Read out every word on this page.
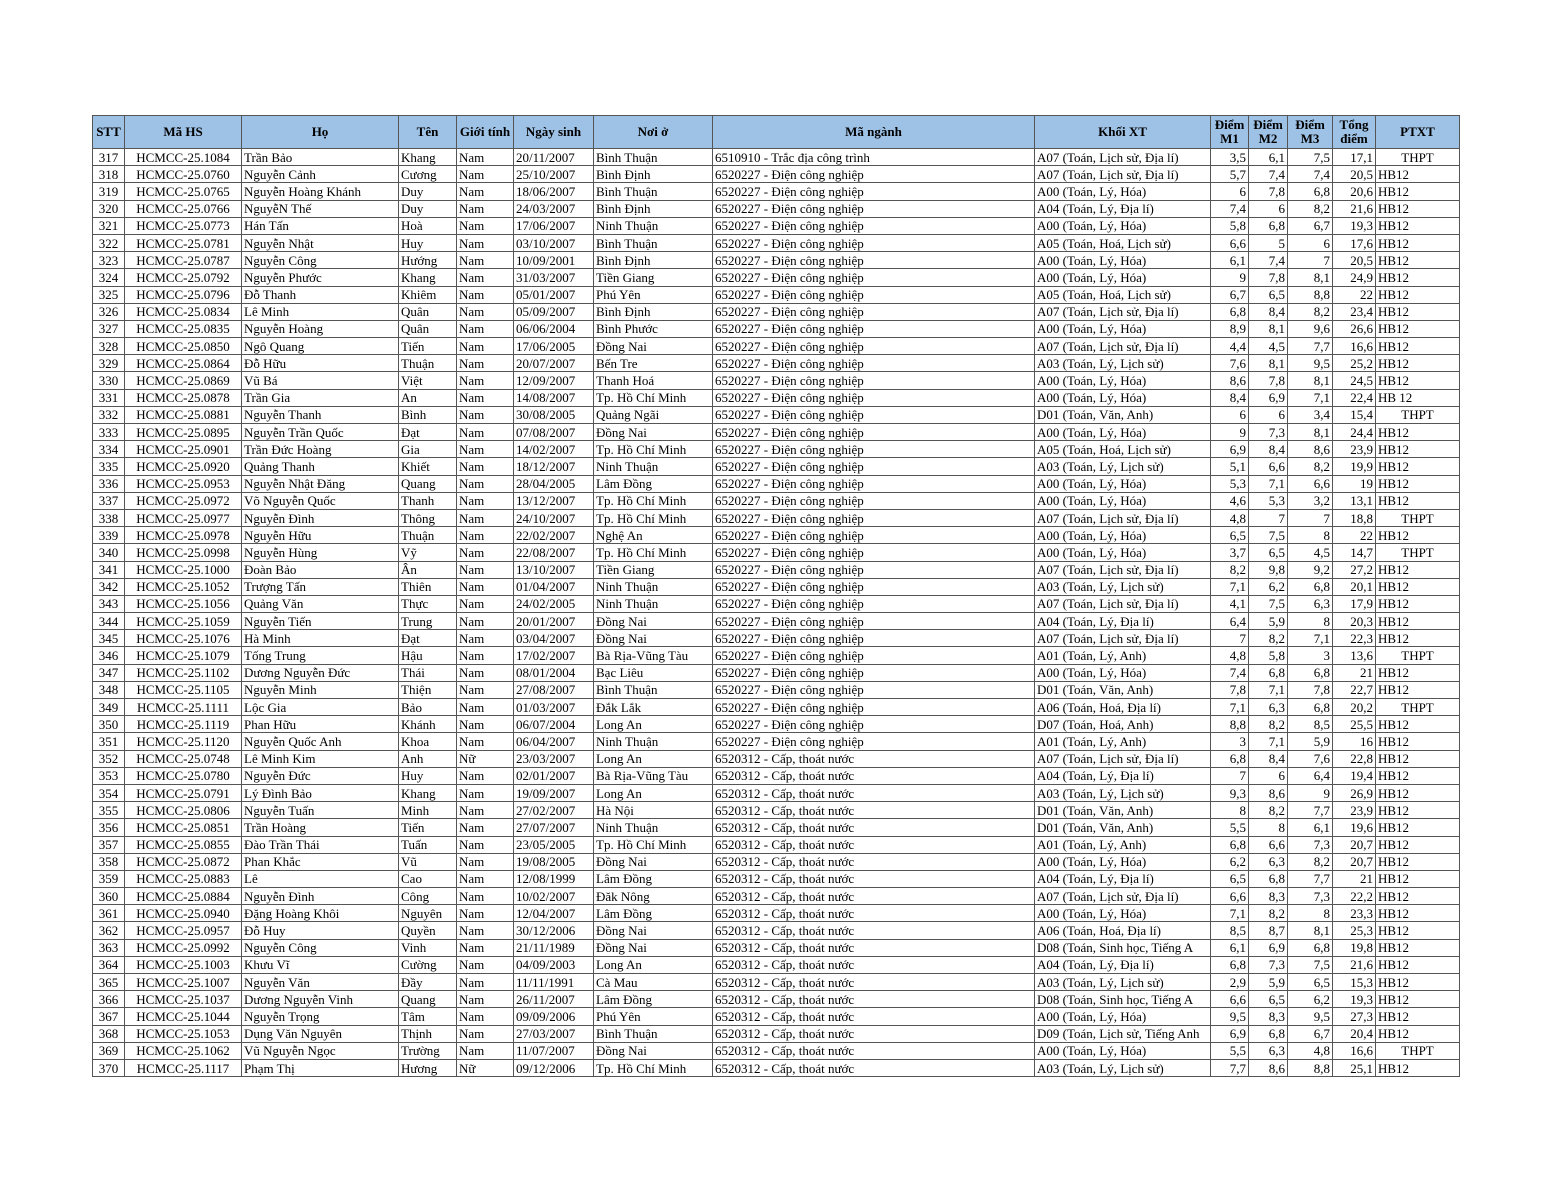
STT	Mã HS	Họ	Tên	Giới tính	Ngày sinh	Nơi ở	Mã ngành	Khối XT	Điểm M1	Điểm M2	Điểm M3	Tổng điểm	PTXT
317	HCMCC-25.1084	Trần Bảo	Khang	Nam	20/11/2007	Bình Thuận	6510910 - Trắc địa công trình	A07 (Toán, Lịch sử, Địa lí)	3,5	6,1	7,5	17,1	THPT
318	HCMCC-25.0760	Nguyễn Cảnh	Cương	Nam	25/10/2007	Bình Định	6520227 - Điện công nghiệp	A07 (Toán, Lịch sử, Địa lí)	5,7	7,4	7,4	20,5	HB12
319	HCMCC-25.0765	Nguyễn Hoàng Khánh	Duy	Nam	18/06/2007	Bình Thuận	6520227 - Điện công nghiệp	A00 (Toán, Lý, Hóa)	6	7,8	6,8	20,6	HB12
320	HCMCC-25.0766	NguyễN Thế	Duy	Nam	24/03/2007	Bình Định	6520227 - Điện công nghiệp	A04 (Toán, Lý, Địa lí)	7,4	6	8,2	21,6	HB12
321	HCMCC-25.0773	Hán Tấn	Hoà	Nam	17/06/2007	Ninh Thuận	6520227 - Điện công nghiệp	A00 (Toán, Lý, Hóa)	5,8	6,8	6,7	19,3	HB12
322	HCMCC-25.0781	Nguyễn Nhật	Huy	Nam	03/10/2007	Bình Thuận	6520227 - Điện công nghiệp	A05 (Toán, Hoá, Lịch sử)	6,6	5	6	17,6	HB12
323	HCMCC-25.0787	Nguyễn Công	Hướng	Nam	10/09/2001	Bình Định	6520227 - Điện công nghiệp	A00 (Toán, Lý, Hóa)	6,1	7,4	7	20,5	HB12
324	HCMCC-25.0792	Nguyễn Phước	Khang	Nam	31/03/2007	Tiền Giang	6520227 - Điện công nghiệp	A00 (Toán, Lý, Hóa)	9	7,8	8,1	24,9	HB12
325	HCMCC-25.0796	Đỗ Thanh	Khiêm	Nam	05/01/2007	Phú Yên	6520227 - Điện công nghiệp	A05 (Toán, Hoá, Lịch sử)	6,7	6,5	8,8	22	HB12
326	HCMCC-25.0834	Lê Minh	Quân	Nam	05/09/2007	Bình Định	6520227 - Điện công nghiệp	A07 (Toán, Lịch sử, Địa lí)	6,8	8,4	8,2	23,4	HB12
327	HCMCC-25.0835	Nguyễn Hoàng	Quân	Nam	06/06/2004	Bình Phước	6520227 - Điện công nghiệp	A00 (Toán, Lý, Hóa)	8,9	8,1	9,6	26,6	HB12
328	HCMCC-25.0850	Ngô Quang	Tiến	Nam	17/06/2005	Đồng Nai	6520227 - Điện công nghiệp	A07 (Toán, Lịch sử, Địa lí)	4,4	4,5	7,7	16,6	HB12
329	HCMCC-25.0864	Đỗ Hữu	Thuận	Nam	20/07/2007	Bến Tre	6520227 - Điện công nghiệp	A03 (Toán, Lý, Lịch sử)	7,6	8,1	9,5	25,2	HB12
330	HCMCC-25.0869	Vũ Bá	Việt	Nam	12/09/2007	Thanh Hoá	6520227 - Điện công nghiệp	A00 (Toán, Lý, Hóa)	8,6	7,8	8,1	24,5	HB12
331	HCMCC-25.0878	Trần Gia	An	Nam	14/08/2007	Tp. Hồ Chí Minh	6520227 - Điện công nghiệp	A00 (Toán, Lý, Hóa)	8,4	6,9	7,1	22,4	HB 12
332	HCMCC-25.0881	Nguyễn Thanh	Bình	Nam	30/08/2005	Quảng Ngãi	6520227 - Điện công nghiệp	D01 (Toán, Văn, Anh)	6	6	3,4	15,4	THPT
333	HCMCC-25.0895	Nguyễn Trần Quốc	Đạt	Nam	07/08/2007	Đồng Nai	6520227 - Điện công nghiệp	A00 (Toán, Lý, Hóa)	9	7,3	8,1	24,4	HB12
334	HCMCC-25.0901	Trần Đức Hoàng	Gia	Nam	14/02/2007	Tp. Hồ Chí Minh	6520227 - Điện công nghiệp	A05 (Toán, Hoá, Lịch sử)	6,9	8,4	8,6	23,9	HB12
335	HCMCC-25.0920	Quảng Thanh	Khiết	Nam	18/12/2007	Ninh Thuận	6520227 - Điện công nghiệp	A03 (Toán, Lý, Lịch sử)	5,1	6,6	8,2	19,9	HB12
336	HCMCC-25.0953	Nguyễn Nhật Đăng	Quang	Nam	28/04/2005	Lâm Đồng	6520227 - Điện công nghiệp	A00 (Toán, Lý, Hóa)	5,3	7,1	6,6	19	HB12
337	HCMCC-25.0972	Võ Nguyễn Quốc	Thanh	Nam	13/12/2007	Tp. Hồ Chí Minh	6520227 - Điện công nghiệp	A00 (Toán, Lý, Hóa)	4,6	5,3	3,2	13,1	HB12
338	HCMCC-25.0977	Nguyễn Đình	Thông	Nam	24/10/2007	Tp. Hồ Chí Minh	6520227 - Điện công nghiệp	A07 (Toán, Lịch sử, Địa lí)	4,8	7	7	18,8	THPT
339	HCMCC-25.0978	Nguyễn Hữu	Thuận	Nam	22/02/2007	Nghệ An	6520227 - Điện công nghiệp	A00 (Toán, Lý, Hóa)	6,5	7,5	8	22	HB12
340	HCMCC-25.0998	Nguyễn Hùng	Vỹ	Nam	22/08/2007	Tp. Hồ Chí Minh	6520227 - Điện công nghiệp	A00 (Toán, Lý, Hóa)	3,7	6,5	4,5	14,7	THPT
341	HCMCC-25.1000	Đoàn Bảo	Ân	Nam	13/10/2007	Tiền Giang	6520227 - Điện công nghiệp	A07 (Toán, Lịch sử, Địa lí)	8,2	9,8	9,2	27,2	HB12
342	HCMCC-25.1052	Trượng Tấn	Thiên	Nam	01/04/2007	Ninh Thuận	6520227 - Điện công nghiệp	A03 (Toán, Lý, Lịch sử)	7,1	6,2	6,8	20,1	HB12
343	HCMCC-25.1056	Quảng Văn	Thực	Nam	24/02/2005	Ninh Thuận	6520227 - Điện công nghiệp	A07 (Toán, Lịch sử, Địa lí)	4,1	7,5	6,3	17,9	HB12
344	HCMCC-25.1059	Nguyễn Tiến	Trung	Nam	20/01/2007	Đồng Nai	6520227 - Điện công nghiệp	A04 (Toán, Lý, Địa lí)	6,4	5,9	8	20,3	HB12
345	HCMCC-25.1076	Hà Minh	Đạt	Nam	03/04/2007	Đồng Nai	6520227 - Điện công nghiệp	A07 (Toán, Lịch sử, Địa lí)	7	8,2	7,1	22,3	HB12
346	HCMCC-25.1079	Tống Trung	Hậu	Nam	17/02/2007	Bà Rịa-Vũng Tàu	6520227 - Điện công nghiệp	A01 (Toán, Lý, Anh)	4,8	5,8	3	13,6	THPT
347	HCMCC-25.1102	Dương Nguyễn Đức	Thái	Nam	08/01/2004	Bạc Liêu	6520227 - Điện công nghiệp	A00 (Toán, Lý, Hóa)	7,4	6,8	6,8	21	HB12
348	HCMCC-25.1105	Nguyễn Minh	Thiện	Nam	27/08/2007	Bình Thuận	6520227 - Điện công nghiệp	D01 (Toán, Văn, Anh)	7,8	7,1	7,8	22,7	HB12
349	HCMCC-25.1111	Lộc Gia	Bảo	Nam	01/03/2007	Đắk Lắk	6520227 - Điện công nghiệp	A06 (Toán, Hoá, Địa lí)	7,1	6,3	6,8	20,2	THPT
350	HCMCC-25.1119	Phan Hữu	Khánh	Nam	06/07/2004	Long An	6520227 - Điện công nghiệp	D07 (Toán, Hoá, Anh)	8,8	8,2	8,5	25,5	HB12
351	HCMCC-25.1120	Nguyễn Quốc Anh	Khoa	Nam	06/04/2007	Ninh Thuận	6520227 - Điện công nghiệp	A01 (Toán, Lý, Anh)	3	7,1	5,9	16	HB12
352	HCMCC-25.0748	Lê Minh Kim	Anh	Nữ	23/03/2007	Long An	6520312 - Cấp, thoát nước	A07 (Toán, Lịch sử, Địa lí)	6,8	8,4	7,6	22,8	HB12
353	HCMCC-25.0780	Nguyễn Đức	Huy	Nam	02/01/2007	Bà Rịa-Vũng Tàu	6520312 - Cấp, thoát nước	A04 (Toán, Lý, Địa lí)	7	6	6,4	19,4	HB12
354	HCMCC-25.0791	Lý Đình Bảo	Khang	Nam	19/09/2007	Long An	6520312 - Cấp, thoát nước	A03 (Toán, Lý, Lịch sử)	9,3	8,6	9	26,9	HB12
355	HCMCC-25.0806	Nguyễn Tuấn	Minh	Nam	27/02/2007	Hà Nội	6520312 - Cấp, thoát nước	D01 (Toán, Văn, Anh)	8	8,2	7,7	23,9	HB12
356	HCMCC-25.0851	Trần Hoàng	Tiến	Nam	27/07/2007	Ninh Thuận	6520312 - Cấp, thoát nước	D01 (Toán, Văn, Anh)	5,5	8	6,1	19,6	HB12
357	HCMCC-25.0855	Đào Trần Thái	Tuấn	Nam	23/05/2005	Tp. Hồ Chí Minh	6520312 - Cấp, thoát nước	A01 (Toán, Lý, Anh)	6,8	6,6	7,3	20,7	HB12
358	HCMCC-25.0872	Phan Khắc	Vũ	Nam	19/08/2005	Đồng Nai	6520312 - Cấp, thoát nước	A00 (Toán, Lý, Hóa)	6,2	6,3	8,2	20,7	HB12
359	HCMCC-25.0883	Lê	Cao	Nam	12/08/1999	Lâm Đồng	6520312 - Cấp, thoát nước	A04 (Toán, Lý, Địa lí)	6,5	6,8	7,7	21	HB12
360	HCMCC-25.0884	Nguyễn Đình	Công	Nam	10/02/2007	Đăk Nông	6520312 - Cấp, thoát nước	A07 (Toán, Lịch sử, Địa lí)	6,6	8,3	7,3	22,2	HB12
361	HCMCC-25.0940	Đặng Hoàng Khôi	Nguyên	Nam	12/04/2007	Lâm Đồng	6520312 - Cấp, thoát nước	A00 (Toán, Lý, Hóa)	7,1	8,2	8	23,3	HB12
362	HCMCC-25.0957	Đỗ Huy	Quyền	Nam	30/12/2006	Đồng Nai	6520312 - Cấp, thoát nước	A06 (Toán, Hoá, Địa lí)	8,5	8,7	8,1	25,3	HB12
363	HCMCC-25.0992	Nguyễn Công	Vinh	Nam	21/11/1989	Đồng Nai	6520312 - Cấp, thoát nước	D08 (Toán, Sinh học, Tiếng A	6,1	6,9	6,8	19,8	HB12
364	HCMCC-25.1003	Khưu Vĩ	Cường	Nam	04/09/2003	Long An	6520312 - Cấp, thoát nước	A04 (Toán, Lý, Địa lí)	6,8	7,3	7,5	21,6	HB12
365	HCMCC-25.1007	Nguyễn Văn	Đầy	Nam	11/11/1991	Cà Mau	6520312 - Cấp, thoát nước	A03 (Toán, Lý, Lịch sử)	2,9	5,9	6,5	15,3	HB12
366	HCMCC-25.1037	Dương Nguyễn Vinh	Quang	Nam	26/11/2007	Lâm Đồng	6520312 - Cấp, thoát nước	D08 (Toán, Sinh học, Tiếng A	6,6	6,5	6,2	19,3	HB12
367	HCMCC-25.1044	Nguyễn Trọng	Tâm	Nam	09/09/2006	Phú Yên	6520312 - Cấp, thoát nước	A00 (Toán, Lý, Hóa)	9,5	8,3	9,5	27,3	HB12
368	HCMCC-25.1053	Dụng Văn Nguyên	Thịnh	Nam	27/03/2007	Bình Thuận	6520312 - Cấp, thoát nước	D09 (Toán, Lịch sử, Tiếng Anh	6,9	6,8	6,7	20,4	HB12
369	HCMCC-25.1062	Vũ Nguyễn Ngọc	Trường	Nam	11/07/2007	Đồng Nai	6520312 - Cấp, thoát nước	A00 (Toán, Lý, Hóa)	5,5	6,3	4,8	16,6	THPT
370	HCMCC-25.1117	Phạm Thị	Hương	Nữ	09/12/2006	Tp. Hồ Chí Minh	6520312 - Cấp, thoát nước	A03 (Toán, Lý, Lịch sử)	7,7	8,6	8,8	25,1	HB12
